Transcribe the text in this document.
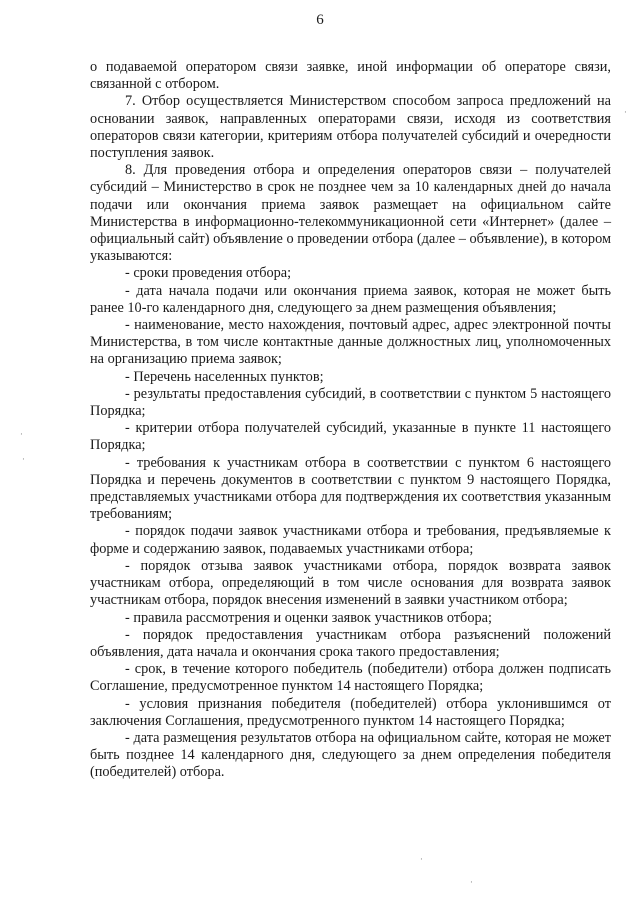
6

о подаваемой оператором связи заявке, иной информации об операторе связи, связанной с отбором.

7. Отбор осуществляется Министерством способом запроса предложений на основании заявок, направленных операторами связи, исходя из соответствия операторов связи категории, критериям отбора получателей субсидий и очередности поступления заявок.

8. Для проведения отбора и определения операторов связи – получателей субсидий – Министерство в срок не позднее чем за 10 календарных дней до начала подачи или окончания приема заявок размещает на официальном сайте Министерства в информационно-телекоммуникационной сети «Интернет» (далее – официальный сайт) объявление о проведении отбора (далее – объявление), в котором указываются:

- сроки проведения отбора;

- дата начала подачи или окончания приема заявок, которая не может быть ранее 10-го календарного дня, следующего за днем размещения объявления;

- наименование, место нахождения, почтовый адрес, адрес электронной почты Министерства, в том числе контактные данные должностных лиц, уполномоченных на организацию приема заявок;

- Перечень населенных пунктов;

- результаты предоставления субсидий, в соответствии с пунктом 5 настоящего Порядка;

- критерии отбора получателей субсидий, указанные в пункте 11 настоящего Порядка;

- требования к участникам отбора в соответствии с пунктом 6 настоящего Порядка и перечень документов в соответствии с пунктом 9 настоящего Порядка, представляемых участниками отбора для подтверждения их соответствия указанным требованиям;

- порядок подачи заявок участниками отбора и требования, предъявляемые к форме и содержанию заявок, подаваемых участниками отбора;

- порядок отзыва заявок участниками отбора, порядок возврата заявок участникам отбора, определяющий в том числе основания для возврата заявок участникам отбора, порядок внесения изменений в заявки участником отбора;

- правила рассмотрения и оценки заявок участников отбора;

- порядок предоставления участникам отбора разъяснений положений объявления, дата начала и окончания срока такого предоставления;

- срок, в течение которого победитель (победители) отбора должен подписать Соглашение, предусмотренное пунктом 14 настоящего Порядка;

- условия признания победителя (победителей) отбора уклонившимся от заключения Соглашения, предусмотренного пунктом 14 настоящего Порядка;

- дата размещения результатов отбора на официальном сайте, которая не может быть позднее 14 календарного дня, следующего за днем определения победителя (победителей) отбора.

·
·
·
·
·
